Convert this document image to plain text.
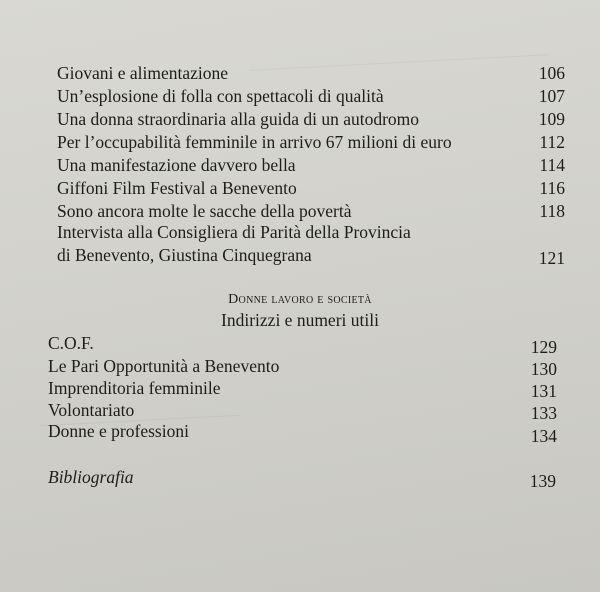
Giovani e alimentazione	106
Un’esplosione di folla con spettacoli di qualità	107
Una donna straordinaria alla guida di un autodromo	109
Per l’occupabilità femminile in arrivo 67 milioni di euro	112
Una manifestazione davvero bella	114
Giffoni Film Festival a Benevento	116
Sono ancora molte le sacche della povertà	118
Intervista alla Consigliera di Parità della Provincia
di Benevento, Giustina Cinquegrana	121
Donne lavoro e società
Indirizzi e numeri utili
C.O.F.	129
Le Pari Opportunità a Benevento	130
Imprenditoria femminile	131
Volontariato	133
Donne e professioni	134
Bibliografia	139
